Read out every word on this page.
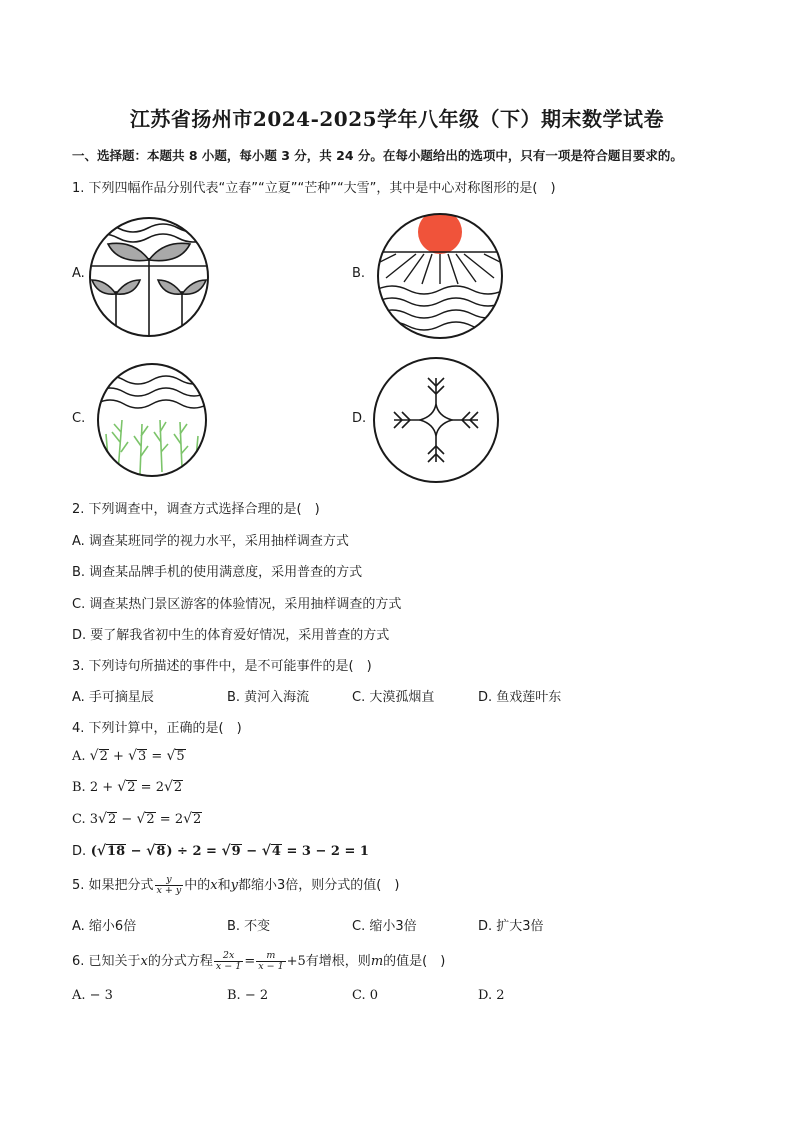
江苏省扬州市2024-2025学年八年级（下）期末数学试卷
一、选择题：本题共 8 小题，每小题 3 分，共 24 分。在每小题给出的选项中，只有一项是符合题目要求的。
1. 下列四幅作品分别代表“立春”“立夏”“芒种”“大雪”，其中是中心对称图形的是(　)
A.	B.
C.	D.
2. 下列调查中，调查方式选择合理的是(　)
A. 调查某班同学的视力水平，采用抽样调查方式
B. 调查某品牌手机的使用满意度，采用普查的方式
C. 调查某热门景区游客的体验情况，采用抽样调查的方式
D. 要了解我省初中生的体育爱好情况，采用普查的方式
3. 下列诗句所描述的事件中，是不可能事件的是(　)
A. 手可摘星辰	B. 黄河入海流	C. 大漠孤烟直	D. 鱼戏莲叶东
4. 下列计算中，正确的是(　)
A. √2 + √3 = √5
B. 2 + √2 = 2√2
C. 3√2 − √2 = 2√2
D. (√18 − √8) ÷ 2 = √9 − √4 = 3 − 2 = 1
5. 如果把分式 $\frac{y}{x + y}$ 中的x和y都缩小3倍，则分式的值(　)
A. 缩小6倍	B. 不变	C. 缩小3倍	D. 扩大3倍
6. 已知关于x的分式方程 $\frac{2x}{x - 1} = \frac{m}{x - 1} +5$有增根，则m的值是(　)
A. − 3	B. − 2	C. 0	D. 2
